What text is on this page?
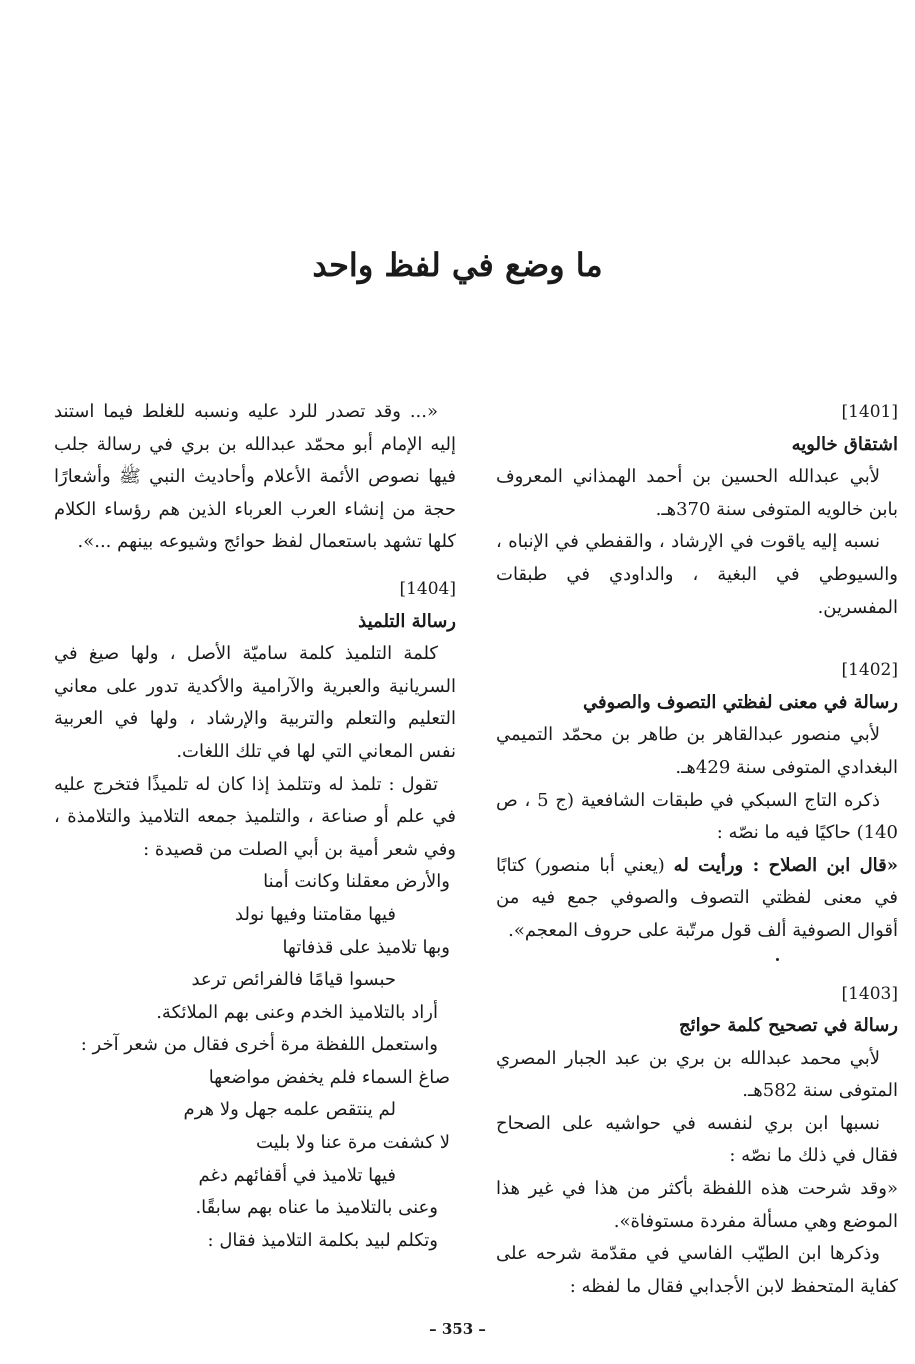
ما وضع في لفظ واحد

[1401]

اشتقاق خالويه

لأبي عبدالله الحسين بن أحمد الهمذاني المعروف بابن خالويه المتوفى سنة 370هـ.

نسبه إليه ياقوت في الإرشاد ، والقفطي في الإنباه ، والسيوطي في البغية ، والداودي في طبقات المفسرين.

[1402]

رسالة في معنى لفظتي التصوف والصوفي

لأبي منصور عبدالقاهر بن طاهر بن محمّد التميمي البغدادي المتوفى سنة 429هـ.

ذكره التاج السبكي في طبقات الشافعية (ج 5 ، ص 140) حاكيًا فيه ما نصّه :

«قال ابن الصلاح : ورأيت له (يعني أبا منصور) كتابًا في معنى لفظتي التصوف والصوفي جمع فيه من أقوال الصوفية ألف قول مرتّبة على حروف المعجم».

[1403]

رسالة في تصحيح كلمة حوائج

لأبي محمد عبدالله بن بري بن عبد الجبار المصري المتوفى سنة 582هـ.

نسبها ابن بري لنفسه في حواشيه على الصحاح فقال في ذلك ما نصّه :

«وقد شرحت هذه اللفظة بأكثر من هذا في غير هذا الموضع وهي مسألة مفردة مستوفاة».

وذكرها ابن الطيّب الفاسي في مقدّمة شرحه على كفاية المتحفظ لابن الأجدابي فقال ما لفظه :

«... وقد تصدر للرد عليه ونسبه للغلط فيما استند إليه الإمام أبو محمّد عبدالله بن بري في رسالة جلب فيها نصوص الأئمة الأعلام وأحاديث النبي ﷺ وأشعارًا حجة من إنشاء العرب العرباء الذين هم رؤساء الكلام كلها تشهد باستعمال لفظ حوائج وشيوعه بينهم ...».

[1404]

رسالة التلميذ

كلمة التلميذ كلمة ساميّة الأصل ، ولها صيغ في السريانية والعبرية والآرامية والأكدية تدور على معاني التعليم والتعلم والتربية والإرشاد ، ولها في العربية نفس المعاني التي لها في تلك اللغات.

تقول : تلمذ له وتتلمذ إذا كان له تلميذًا فتخرج عليه في علم أو صناعة ، والتلميذ جمعه التلاميذ والتلامذة ، وفي شعر أمية بن أبي الصلت من قصيدة :

والأرض معقلنا وكانت أمنا

فيها مقامتنا وفيها نولد

وبها تلاميذ على قذفاتها

حبسوا قيامًا فالفرائص ترعد

أراد بالتلاميذ الخدم وعنى بهم الملائكة.

واستعمل اللفظة مرة أخرى فقال من شعر آخر :

صاغ السماء فلم يخفض مواضعها

لم ينتقص علمه جهل ولا هرم

لا كشفت مرة عنا ولا بليت

فيها تلاميذ في أقفائهم دغم

وعنى بالتلاميذ ما عناه بهم سابقًا.

وتكلم لبيد بكلمة التلاميذ فقال :

– 353 –
